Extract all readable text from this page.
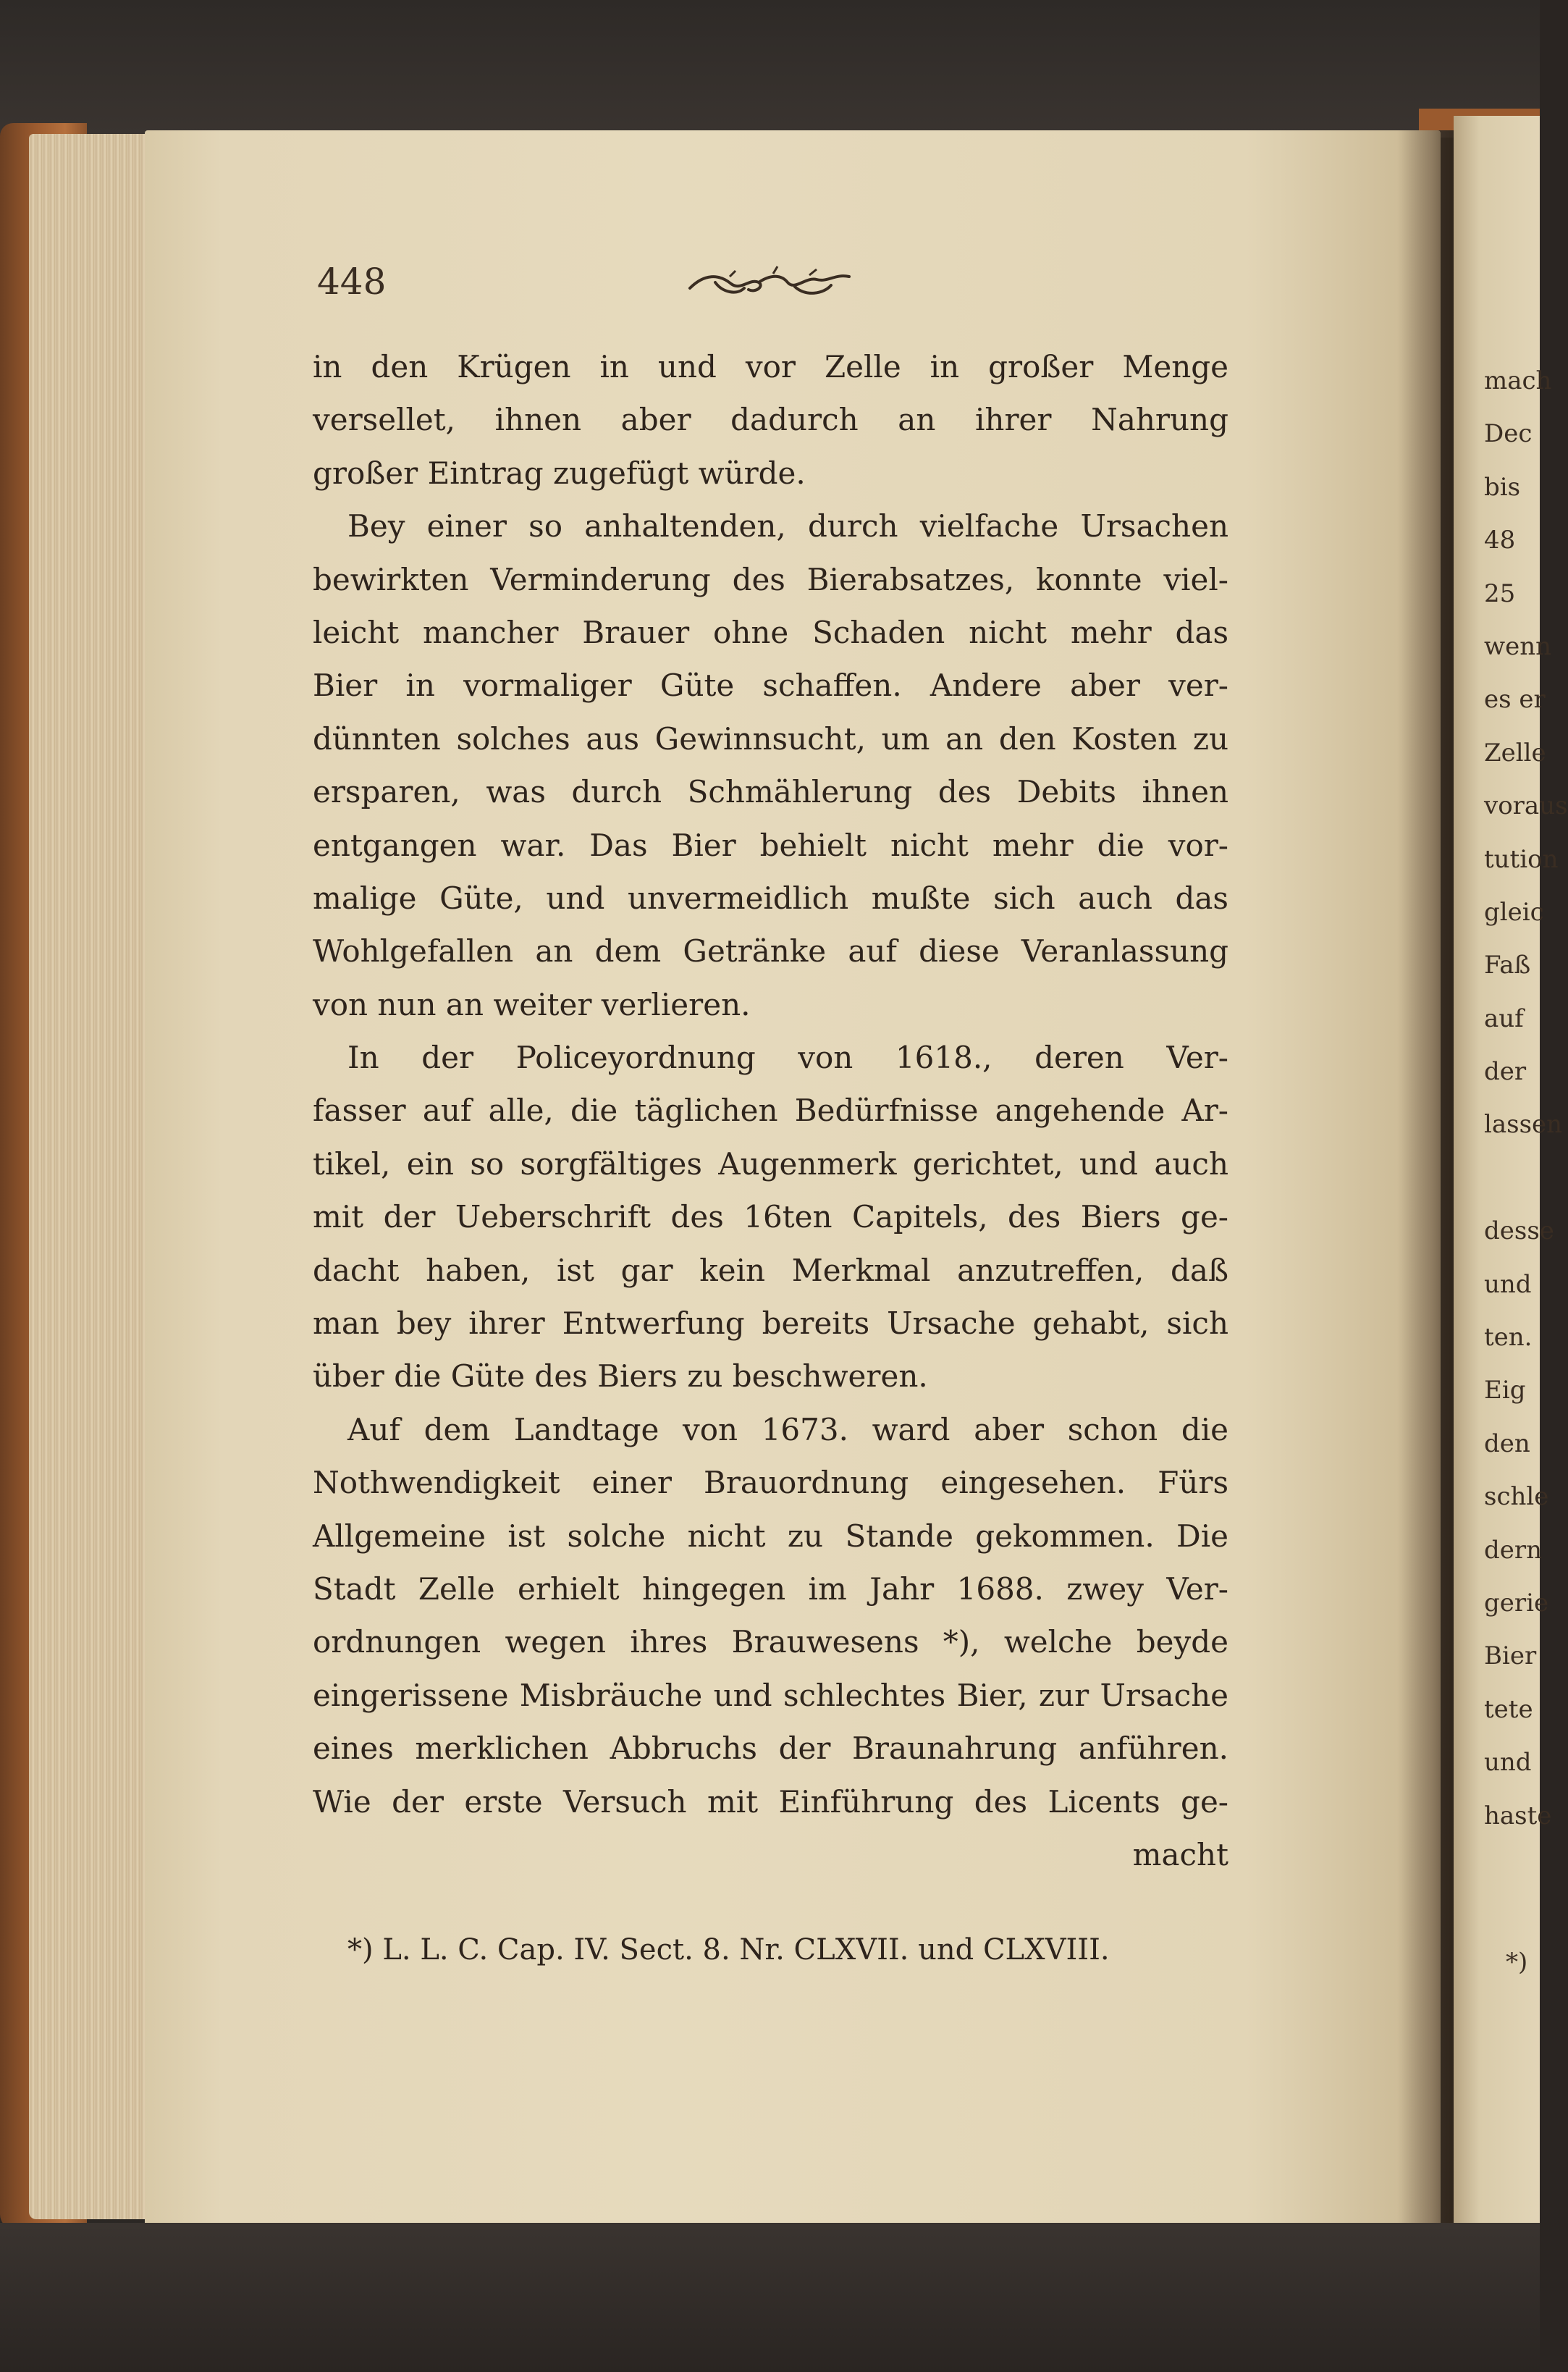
448
in den Krügen in und vor Zelle in großer Menge
versellet, ihnen aber dadurch an ihrer Nahrung
großer Eintrag zugefügt würde.
Bey einer so anhaltenden, durch vielfache Ursachen
bewirkten Verminderung des Bierabsatzes, konnte viel-
leicht mancher Brauer ohne Schaden nicht mehr das
Bier in vormaliger Güte schaffen. Andere aber ver-
dünnten solches aus Gewinnsucht, um an den Kosten zu
ersparen, was durch Schmählerung des Debits ihnen
entgangen war. Das Bier behielt nicht mehr die vor-
malige Güte, und unvermeidlich mußte sich auch das
Wohlgefallen an dem Getränke auf diese Veranlassung
von nun an weiter verlieren.
In der Policeyordnung von 1618., deren Ver-
fasser auf alle, die täglichen Bedürfnisse angehende Ar-
tikel, ein so sorgfältiges Augenmerk gerichtet, und auch
mit der Ueberschrift des 16ten Capitels, des Biers ge-
dacht haben, ist gar kein Merkmal anzutreffen, daß
man bey ihrer Entwerfung bereits Ursache gehabt, sich
über die Güte des Biers zu beschweren.
Auf dem Landtage von 1673. ward aber schon die
Nothwendigkeit einer Brauordnung eingesehen. Fürs
Allgemeine ist solche nicht zu Stande gekommen. Die
Stadt Zelle erhielt hingegen im Jahr 1688. zwey Ver-
ordnungen wegen ihres Brauwesens *), welche beyde
eingerissene Misbräuche und schlechtes Bier, zur Ursache
eines merklichen Abbruchs der Braunahrung anführen.
Wie der erste Versuch mit Einführung des Licents ge-
macht
*) L. L. C. Cap. IV. Sect. 8. Nr. CLXVII. und CLXVIII.
mach
Dec
bis
48
25
wenn
es er
Zelle
voraus
tution
gleic
Faß
auf
der
lassen
desse
und
ten.
Eig
den
schle
dern
gerie
Bier
tete
und
haste
*)
